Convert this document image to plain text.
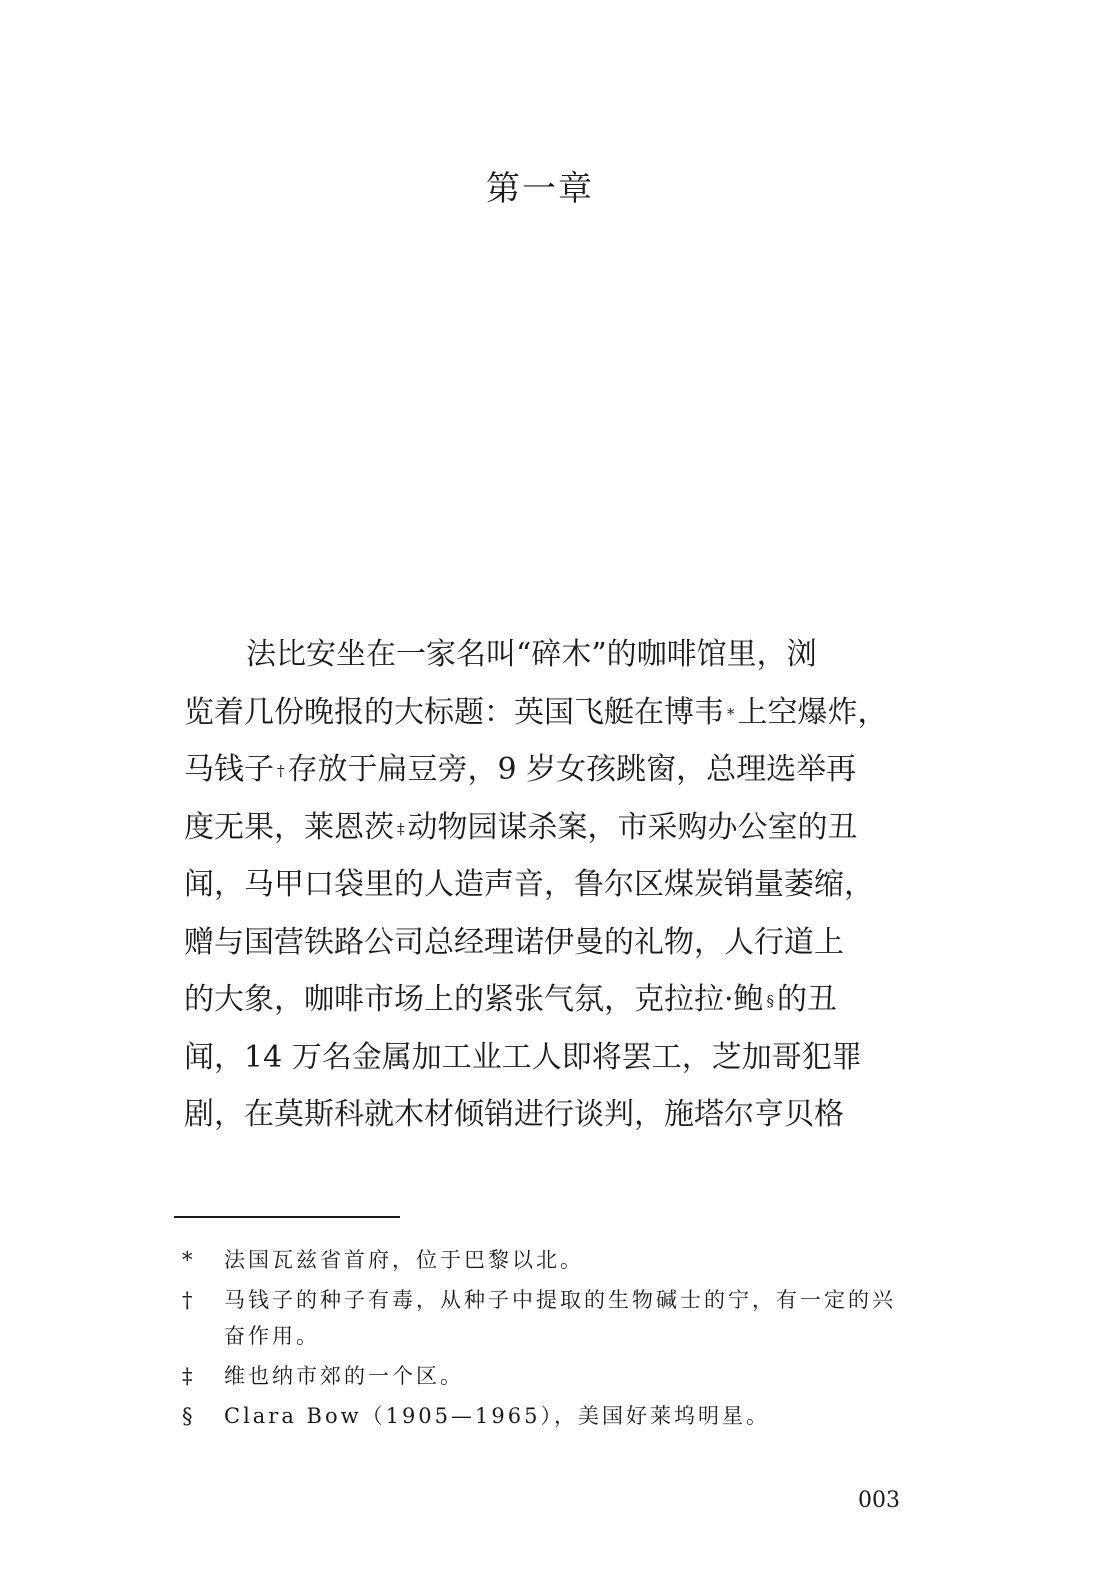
第一章
法比安坐在一家名叫“碎木”的咖啡馆里，浏
览着几份晚报的大标题：英国飞艇在博韦 * 上空爆炸，
马钱子 † 存放于扁豆旁，9 岁女孩跳窗，总理选举再
度无果，莱恩茨 ‡ 动物园谋杀案，市采购办公室的丑
闻，马甲口袋里的人造声音，鲁尔区煤炭销量萎缩，
赠与国营铁路公司总经理诺伊曼的礼物，人行道上
的大象，咖啡市场上的紧张气氛，克拉拉·鲍 § 的丑
闻，14 万名金属加工业工人即将罢工，芝加哥犯罪
剧，在莫斯科就木材倾销进行谈判，施塔尔亨贝格
* 法国瓦兹省首府，位于巴黎以北。
† 马钱子的种子有毒，从种子中提取的生物碱士的宁，有一定的兴奋作用。
‡ 维也纳市郊的一个区。
§ Clara Bow（1905—1965），美国好莱坞明星。
003
